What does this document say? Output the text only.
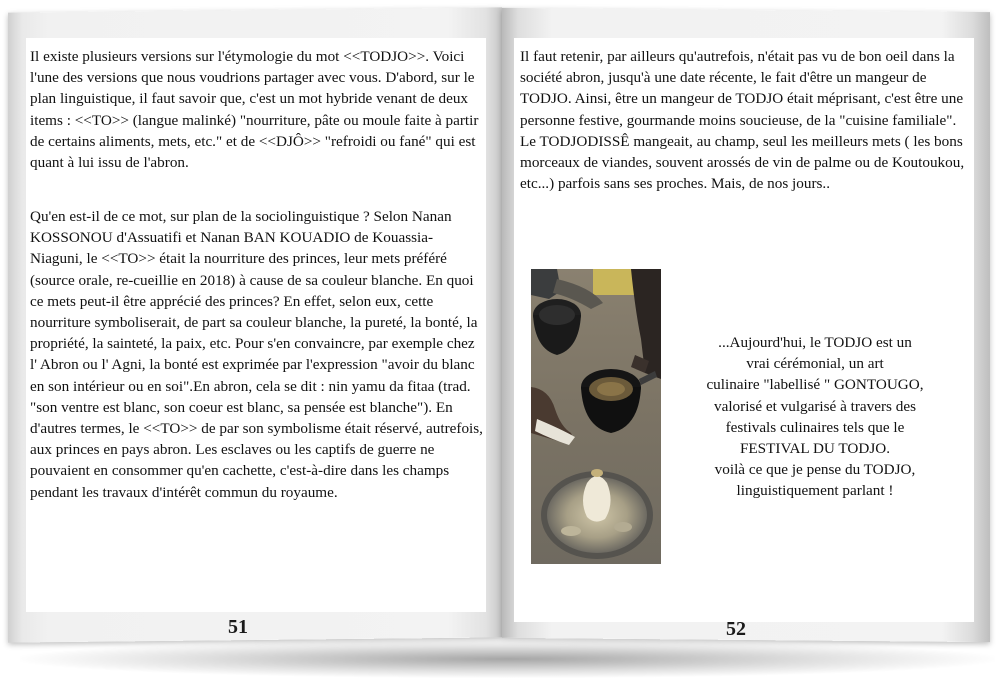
Il existe plusieurs versions sur l'étymologie du mot <<TODJO>>. Voici l'une des versions que nous voudrions partager avec vous. D'abord, sur le plan linguistique, il faut savoir que, c'est un mot hybride venant de deux items : <<TO>> (langue malinké) "nourriture, pâte ou moule faite à partir de certains aliments, mets, etc." et de <<DJÔ>> "refroidi ou fané" qui est quant à lui issu de l'abron.

Qu'en est-il de ce mot, sur plan de la sociolinguistique ? Selon Nanan KOSSONOU d'Assuatifi et Nanan BAN KOUADIO de Kouassia-Niaguni, le <<TO>> était la nourriture des princes, leur mets préféré (source orale, re-cueillie en 2018) à cause de sa couleur blanche. En quoi ce mets peut-il être apprécié des princes? En effet, selon eux, cette nourriture symboliserait, de part sa couleur blanche, la pureté, la bonté, la propriété, la sainteté, la paix, etc. Pour s'en convaincre, par exemple chez l' Abron ou l' Agni, la bonté est exprimée par l'expression "avoir du blanc en son intérieur ou en soi".En abron, cela se dit : nin yamu da fitaa (trad. "son ventre est blanc, son coeur est blanc, sa pensée est blanche"). En d'autres termes, le <<TO>> de par son symbolisme était réservé, autrefois, aux princes en pays abron. Les esclaves ou les captifs de guerre ne pouvaient en consommer qu'en cachette, c'est-à-dire dans les champs pendant les travaux d'intérêt commun du royaume.

Il faut retenir, par ailleurs qu'autrefois, n'était pas vu de bon oeil dans la société abron, jusqu'à une date récente, le fait d'être un mangeur de TODJO. Ainsi, être un mangeur de TODJO était méprisant, c'est être une personne festive, gourmande moins soucieuse, de la "cuisine familiale". Le TODJODISSÊ mangeait, au champ, seul les meilleurs mets ( les bons morceaux de viandes, souvent arossés de vin de palme ou de Koutoukou, etc...) parfois sans ses proches. Mais, de nos jours..

...Aujourd'hui, le TODJO est un
vrai cérémonial, un art
culinaire "labellisé " GONTOUGO,
valorisé et vulgarisé à travers des
festivals culinaires tels que le
FESTIVAL DU TODJO.
voilà ce que je pense du TODJO,
linguistiquement parlant !
51	52
